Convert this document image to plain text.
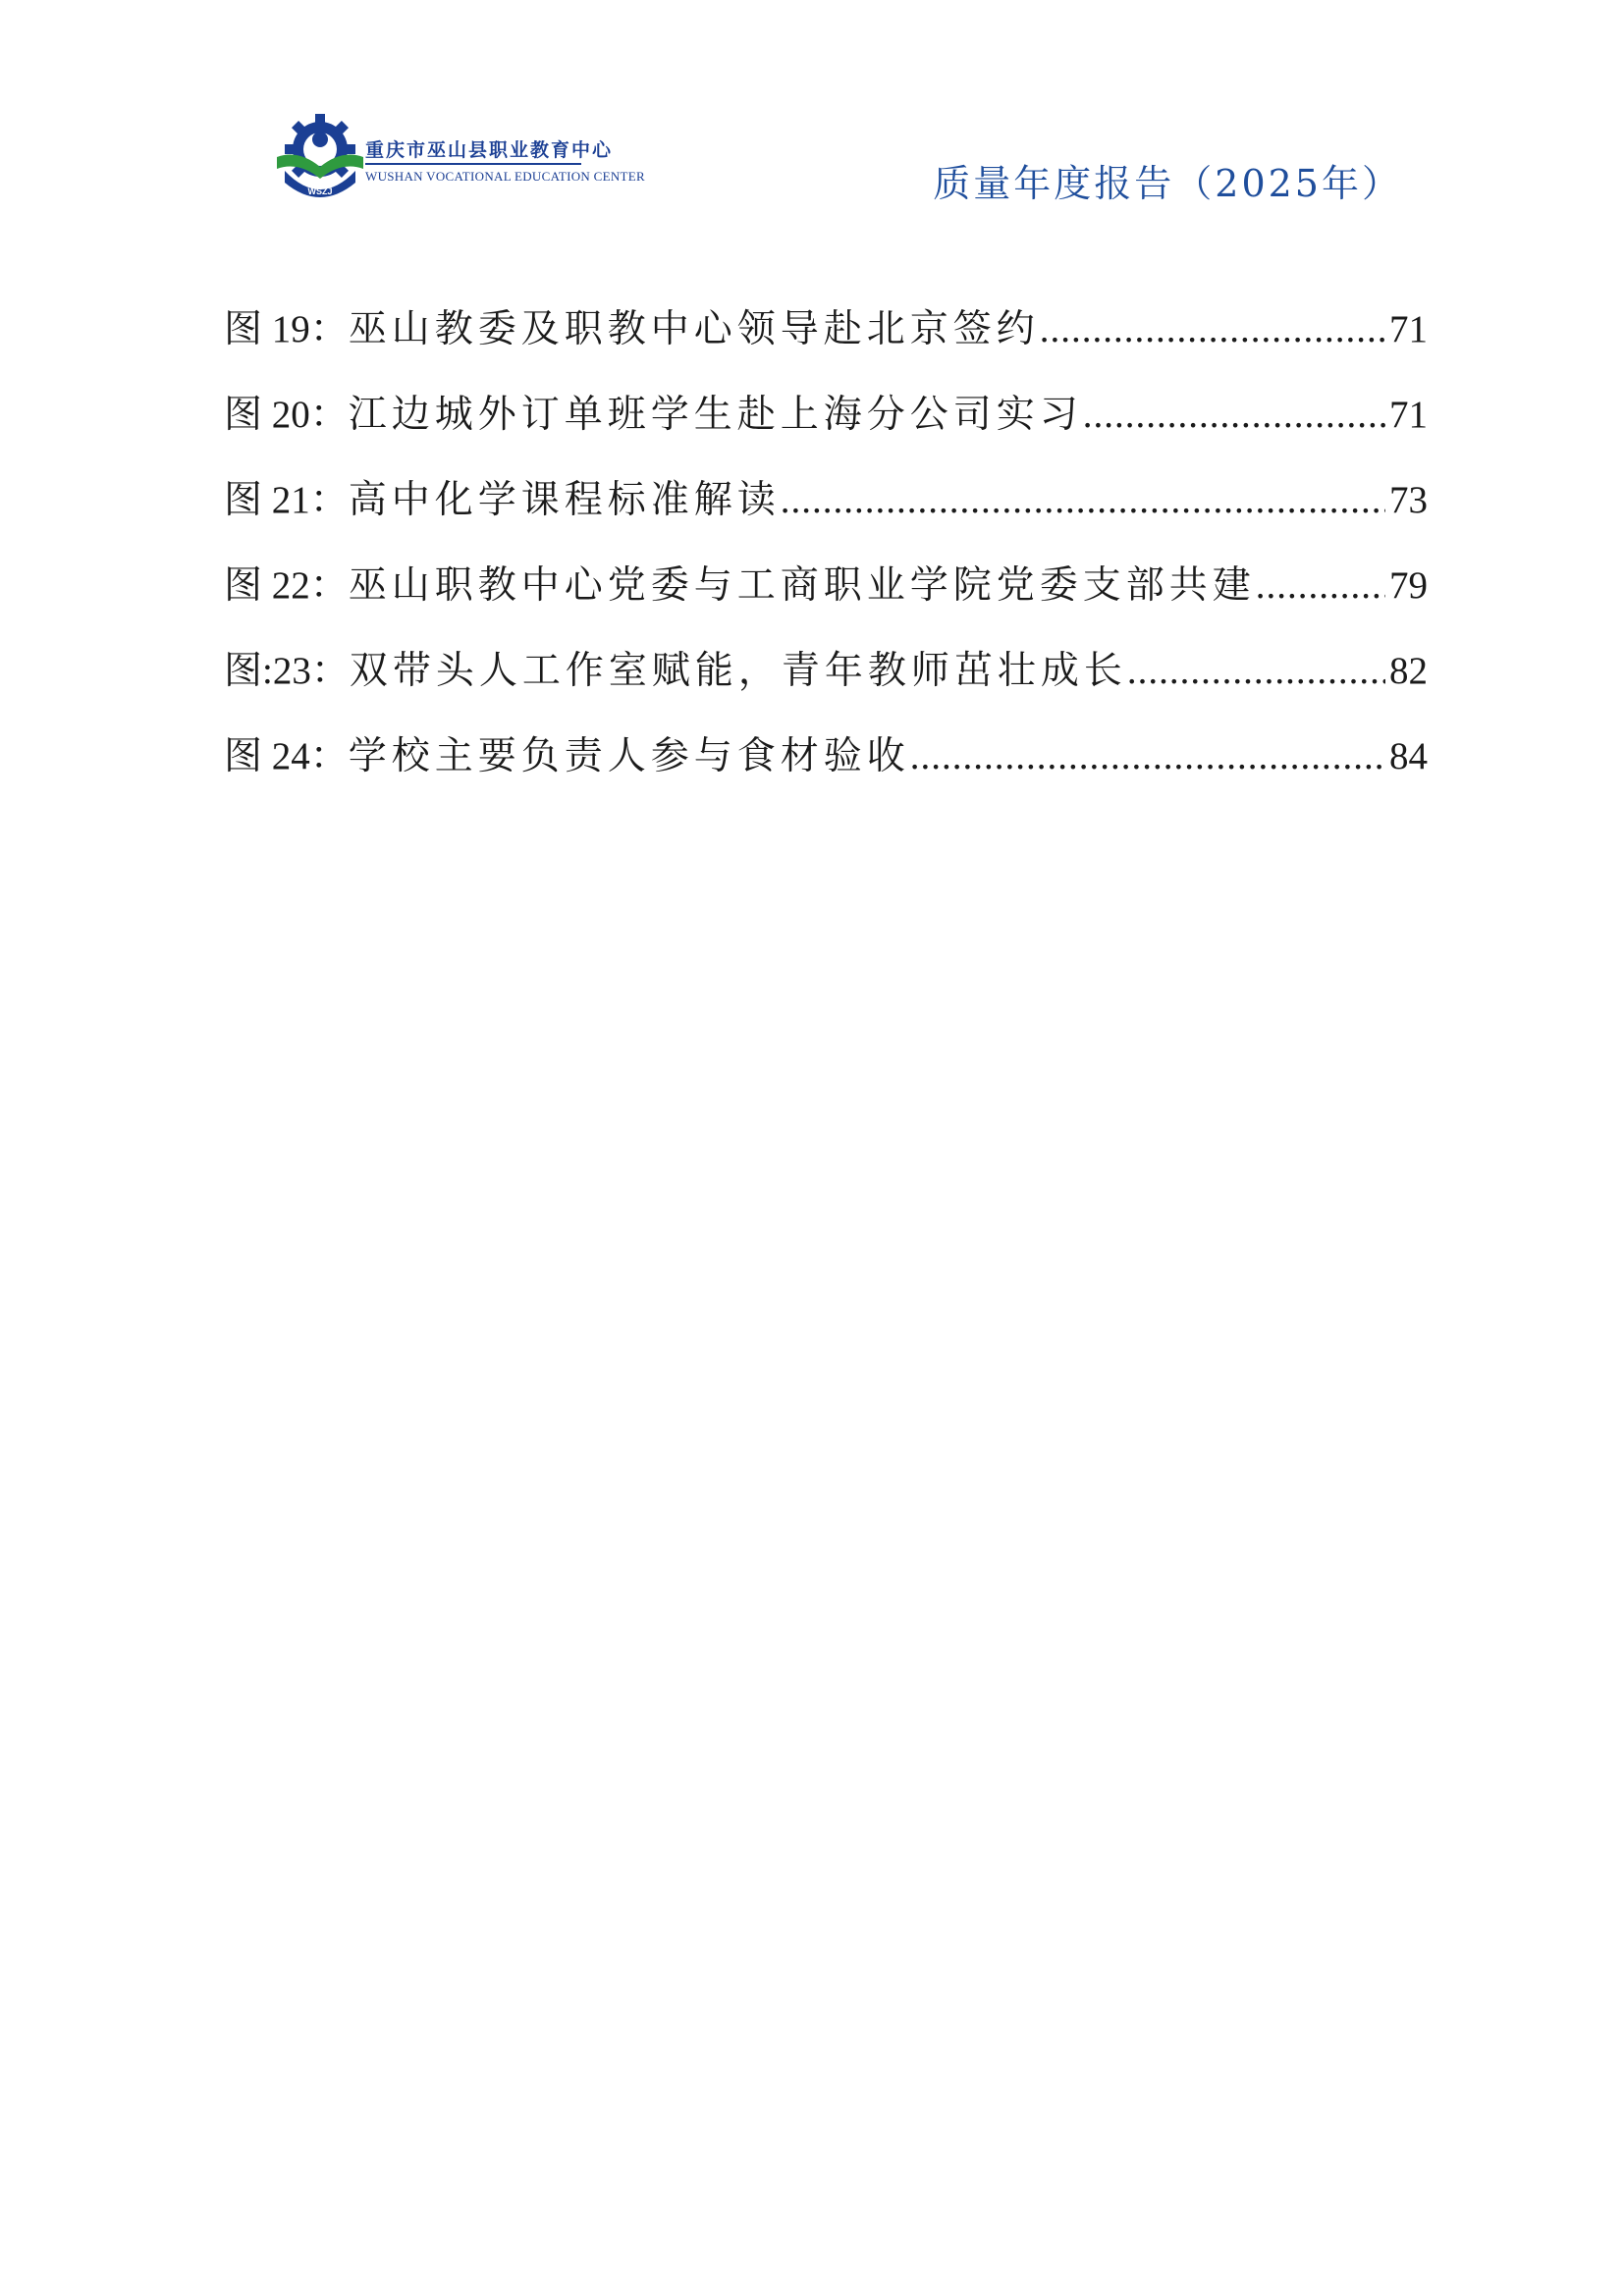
WSZJ
重庆市巫山县职业教育中心
WUSHAN VOCATIONAL EDUCATION CENTER	质量年度报告（2025年）
图 19： 巫山教委及职教中心领导赴北京签约 .....	71
图 20： 江边城外订单班学生赴上海分公司实习 .....	71
图 21： 高中化学课程标准解读 .....	73
图 22： 巫山职教中心党委与工商职业学院党委支部共建 .....	79
图:23： 双带头人工作室赋能，青年教师茁壮成长 .....	82
图 24： 学校主要负责人参与食材验收 .....	84
